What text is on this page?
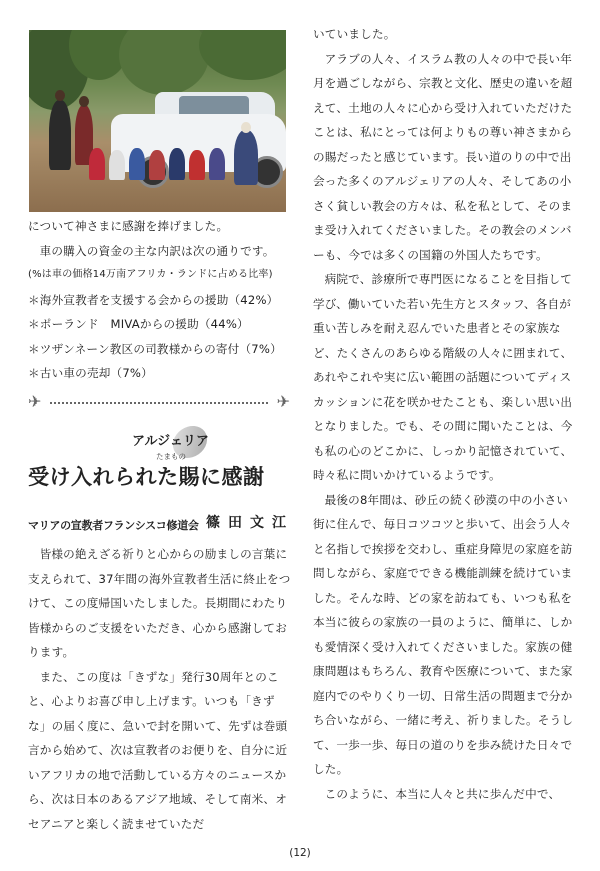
について神さまに感謝を捧げました。

車の購入の資金の主な内訳は次の通りです。

(%は車の価格14万南アフリカ・ランドに占める比率)

＊海外宣教者を支援する会からの援助（42%）

＊ポーランド　MIVAからの援助（44%）

＊ツザンネーン教区の司教様からの寄付（7%）

＊古い車の売却（7%）

✈	✈
アルジェリア
たまもの
受け入れられた賜に感謝
マリアの宣教者フランシスコ修道会 篠田文江

皆様の絶えざる祈りと心からの励ましの言葉に支えられて、37年間の海外宣教者生活に終止をつけて、この度帰国いたしました。長期間にわたり皆様からのご支援をいただき、心から感謝しております。

また、この度は「きずな」発行30周年とのこと、心よりお喜び申し上げます。いつも「きずな」の届く度に、急いで封を開いて、先ずは巻頭言から始めて、次は宣教者のお便りを、自分に近いアフリカの地で活動している方々のニュースから、次は日本のあるアジア地域、そして南米、オセアニアと楽しく読ませていただ

いていました。

アラブの人々、イスラム教の人々の中で長い年月を過ごしながら、宗教と文化、歴史の違いを超えて、土地の人々に心から受け入れていただけたことは、私にとっては何よりもの尊い神さまからの賜だったと感じています。長い道のりの中で出会った多くのアルジェリアの人々、そしてあの小さく貧しい教会の方々は、私を私として、そのまま受け入れてくださいました。その教会のメンバーも、今では多くの国籍の外国人たちです。

病院で、診療所で専門医になることを目指して学び、働いていた若い先生方とスタッフ、各自が重い苦しみを耐え忍んでいた患者とその家族など、たくさんのあらゆる階級の人々に囲まれて、あれやこれや実に広い範囲の話題についてディスカッションに花を咲かせたことも、楽しい思い出となりました。でも、その間に聞いたことは、今も私の心のどこかに、しっかり記憶されていて、時々私に問いかけているようです。

最後の8年間は、砂丘の続く砂漠の中の小さい街に住んで、毎日コツコツと歩いて、出会う人々と名指しで挨拶を交わし、重症身障児の家庭を訪問しながら、家庭でできる機能訓練を続けていました。そんな時、どの家を訪ねても、いつも私を本当に彼らの家族の一員のように、簡単に、しかも愛情深く受け入れてくださいました。家族の健康問題はもちろん、教育や医療について、また家庭内でのやりくり一切、日常生活の問題まで分かち合いながら、一緒に考え、祈りました。そうして、一歩一歩、毎日の道のりを歩み続けた日々でした。

このように、本当に人々と共に歩んだ中で、

(12)
